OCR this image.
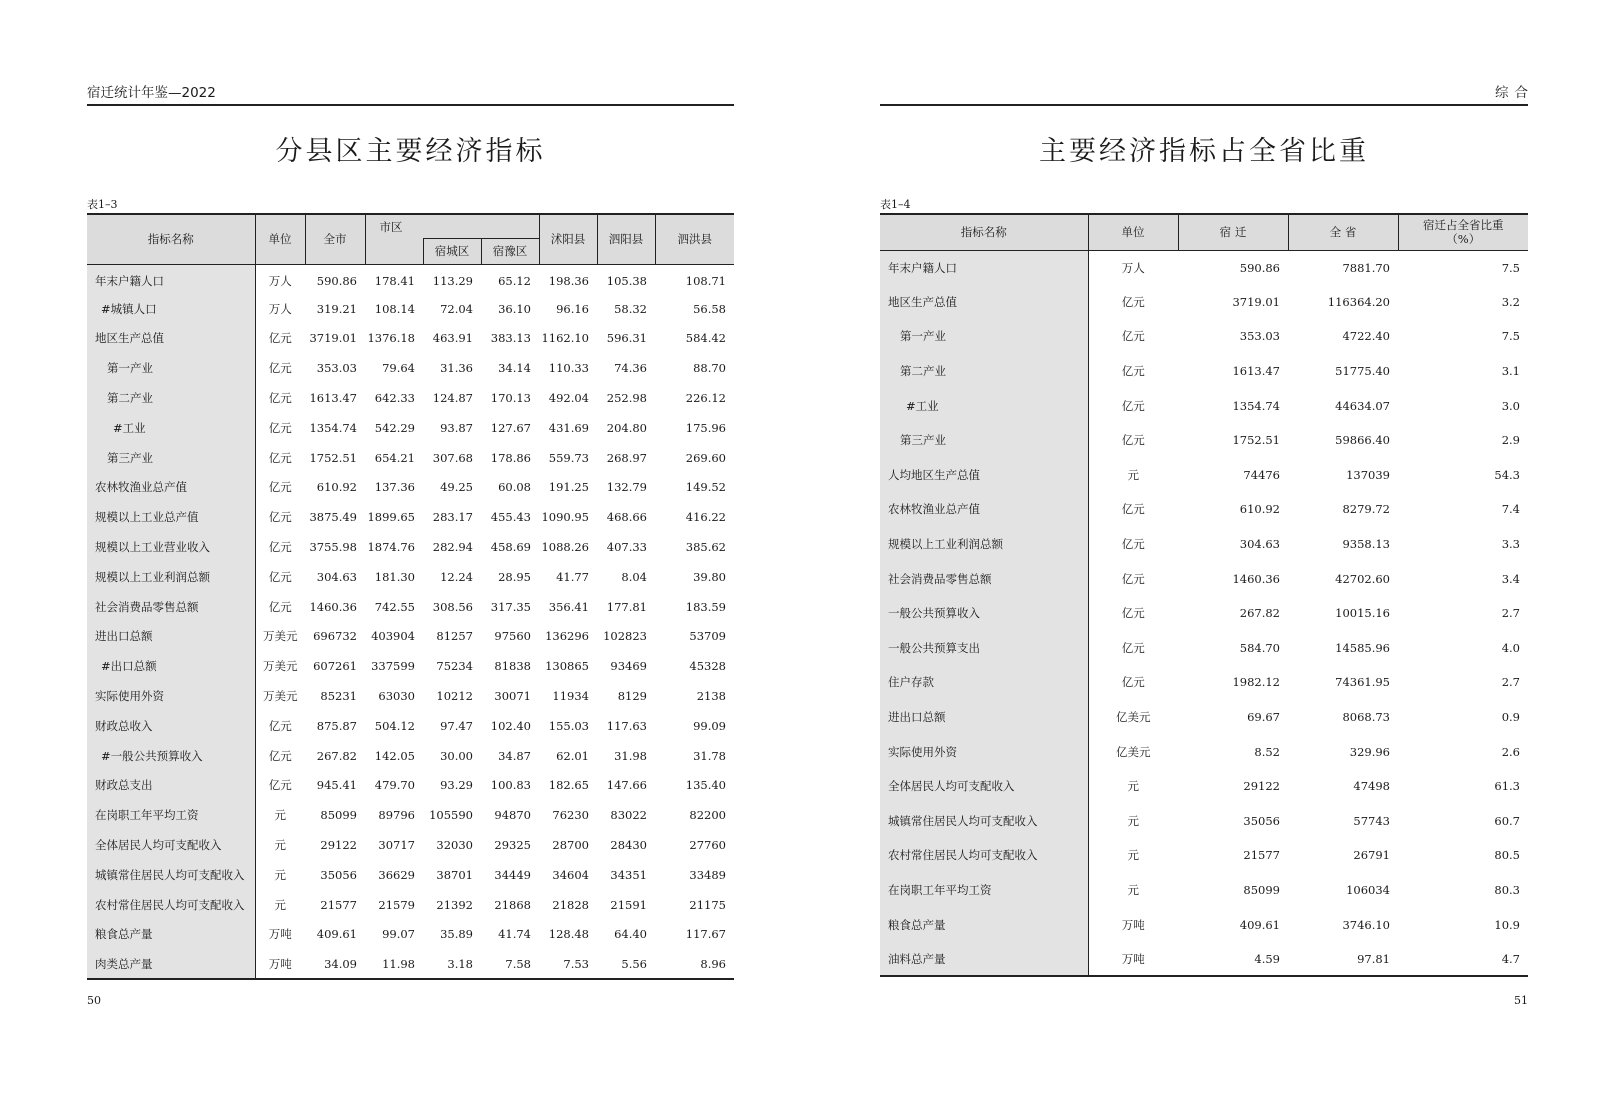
宿迁统计年鉴—2022
分县区主要经济指标
表1–3
指标名称	单位	全市	市区			沭阳县	泗阳县	泗洪县
				宿城区	宿豫区			
年末户籍人口	万人	590.86	178.41	113.29	65.12	198.36	105.38	108.71
#城镇人口	万人	319.21	108.14	72.04	36.10	96.16	58.32	56.58
地区生产总值	亿元	3719.01	1376.18	463.91	383.13	1162.10	596.31	584.42
第一产业	亿元	353.03	79.64	31.36	34.14	110.33	74.36	88.70
第二产业	亿元	1613.47	642.33	124.87	170.13	492.04	252.98	226.12
#工业	亿元	1354.74	542.29	93.87	127.67	431.69	204.80	175.96
第三产业	亿元	1752.51	654.21	307.68	178.86	559.73	268.97	269.60
农林牧渔业总产值	亿元	610.92	137.36	49.25	60.08	191.25	132.79	149.52
规模以上工业总产值	亿元	3875.49	1899.65	283.17	455.43	1090.95	468.66	416.22
规模以上工业营业收入	亿元	3755.98	1874.76	282.94	458.69	1088.26	407.33	385.62
规模以上工业利润总额	亿元	304.63	181.30	12.24	28.95	41.77	8.04	39.80
社会消费品零售总额	亿元	1460.36	742.55	308.56	317.35	356.41	177.81	183.59
进出口总额	万美元	696732	403904	81257	97560	136296	102823	53709
#出口总额	万美元	607261	337599	75234	81838	130865	93469	45328
实际使用外资	万美元	85231	63030	10212	30071	11934	8129	2138
财政总收入	亿元	875.87	504.12	97.47	102.40	155.03	117.63	99.09
#一般公共预算收入	亿元	267.82	142.05	30.00	34.87	62.01	31.98	31.78
财政总支出	亿元	945.41	479.70	93.29	100.83	182.65	147.66	135.40
在岗职工年平均工资	元	85099	89796	105590	94870	76230	83022	82200
全体居民人均可支配收入	元	29122	30717	32030	29325	28700	28430	27760
城镇常住居民人均可支配收入	元	35056	36629	38701	34449	34604	34351	33489
农村常住居民人均可支配收入	元	21577	21579	21392	21868	21828	21591	21175
粮食总产量	万吨	409.61	99.07	35.89	41.74	128.48	64.40	117.67
肉类总产量	万吨	34.09	11.98	3.18	7.58	7.53	5.56	8.96
50
综合
主要经济指标占全省比重
表1–4
指标名称	单位	宿 迁	全 省	宿迁占全省比重
（%）

年末户籍人口	万人	590.86	7881.70	7.5
地区生产总值	亿元	3719.01	116364.20	3.2
第一产业	亿元	353.03	4722.40	7.5
第二产业	亿元	1613.47	51775.40	3.1
#工业	亿元	1354.74	44634.07	3.0
第三产业	亿元	1752.51	59866.40	2.9
人均地区生产总值	元	74476	137039	54.3
农林牧渔业总产值	亿元	610.92	8279.72	7.4
规模以上工业利润总额	亿元	304.63	9358.13	3.3
社会消费品零售总额	亿元	1460.36	42702.60	3.4
一般公共预算收入	亿元	267.82	10015.16	2.7
一般公共预算支出	亿元	584.70	14585.96	4.0
住户存款	亿元	1982.12	74361.95	2.7
进出口总额	亿美元	69.67	8068.73	0.9
实际使用外资	亿美元	8.52	329.96	2.6
全体居民人均可支配收入	元	29122	47498	61.3
城镇常住居民人均可支配收入	元	35056	57743	60.7
农村常住居民人均可支配收入	元	21577	26791	80.5
在岗职工年平均工资	元	85099	106034	80.3
粮食总产量	万吨	409.61	3746.10	10.9
油料总产量	万吨	4.59	97.81	4.7
51
